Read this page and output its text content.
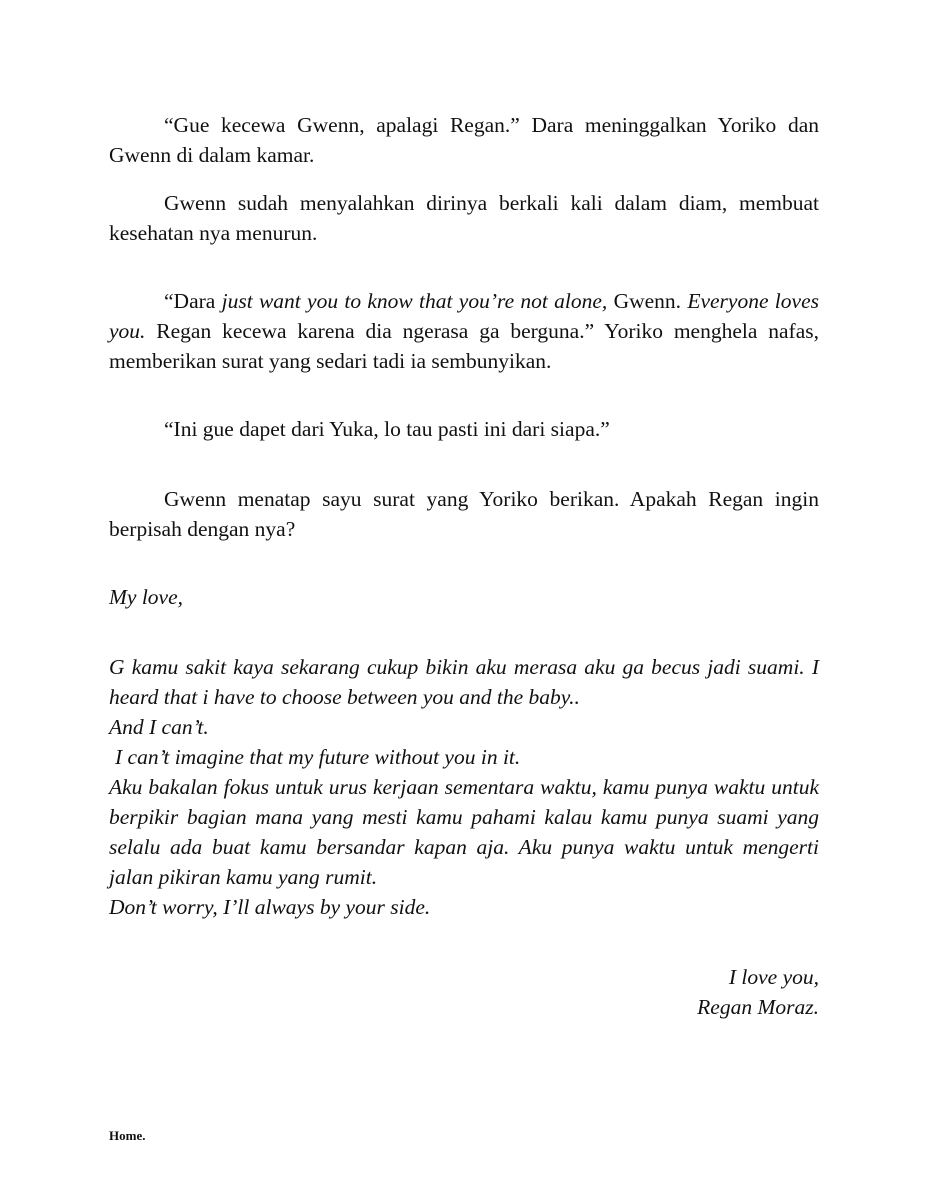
“Gue kecewa Gwenn, apalagi Regan.” Dara meninggalkan Yoriko dan Gwenn di dalam kamar.

Gwenn sudah menyalahkan dirinya berkali kali dalam diam, membuat kesehatan nya menurun.

“Dara just want you to know that you’re not alone, Gwenn. Everyone loves you. Regan kecewa karena dia ngerasa ga berguna.” Yoriko menghela nafas, memberikan surat yang sedari tadi ia sembunyikan.

“Ini gue dapet dari Yuka, lo tau pasti ini dari siapa.”

Gwenn menatap sayu surat yang Yoriko berikan. Apakah Regan ingin berpisah dengan nya?

My love,

G kamu sakit kaya sekarang cukup bikin aku merasa aku ga becus jadi suami. I heard that i have to choose between you and the baby..
And I can’t.
I can’t imagine that my future without you in it.
Aku bakalan fokus untuk urus kerjaan sementara waktu, kamu punya waktu untuk berpikir bagian mana yang mesti kamu pahami kalau kamu punya suami yang selalu ada buat kamu bersandar kapan aja. Aku punya waktu untuk mengerti jalan pikiran kamu yang rumit.
Don’t worry, I’ll always by your side.
I love you,
Regan Moraz.
Home.
